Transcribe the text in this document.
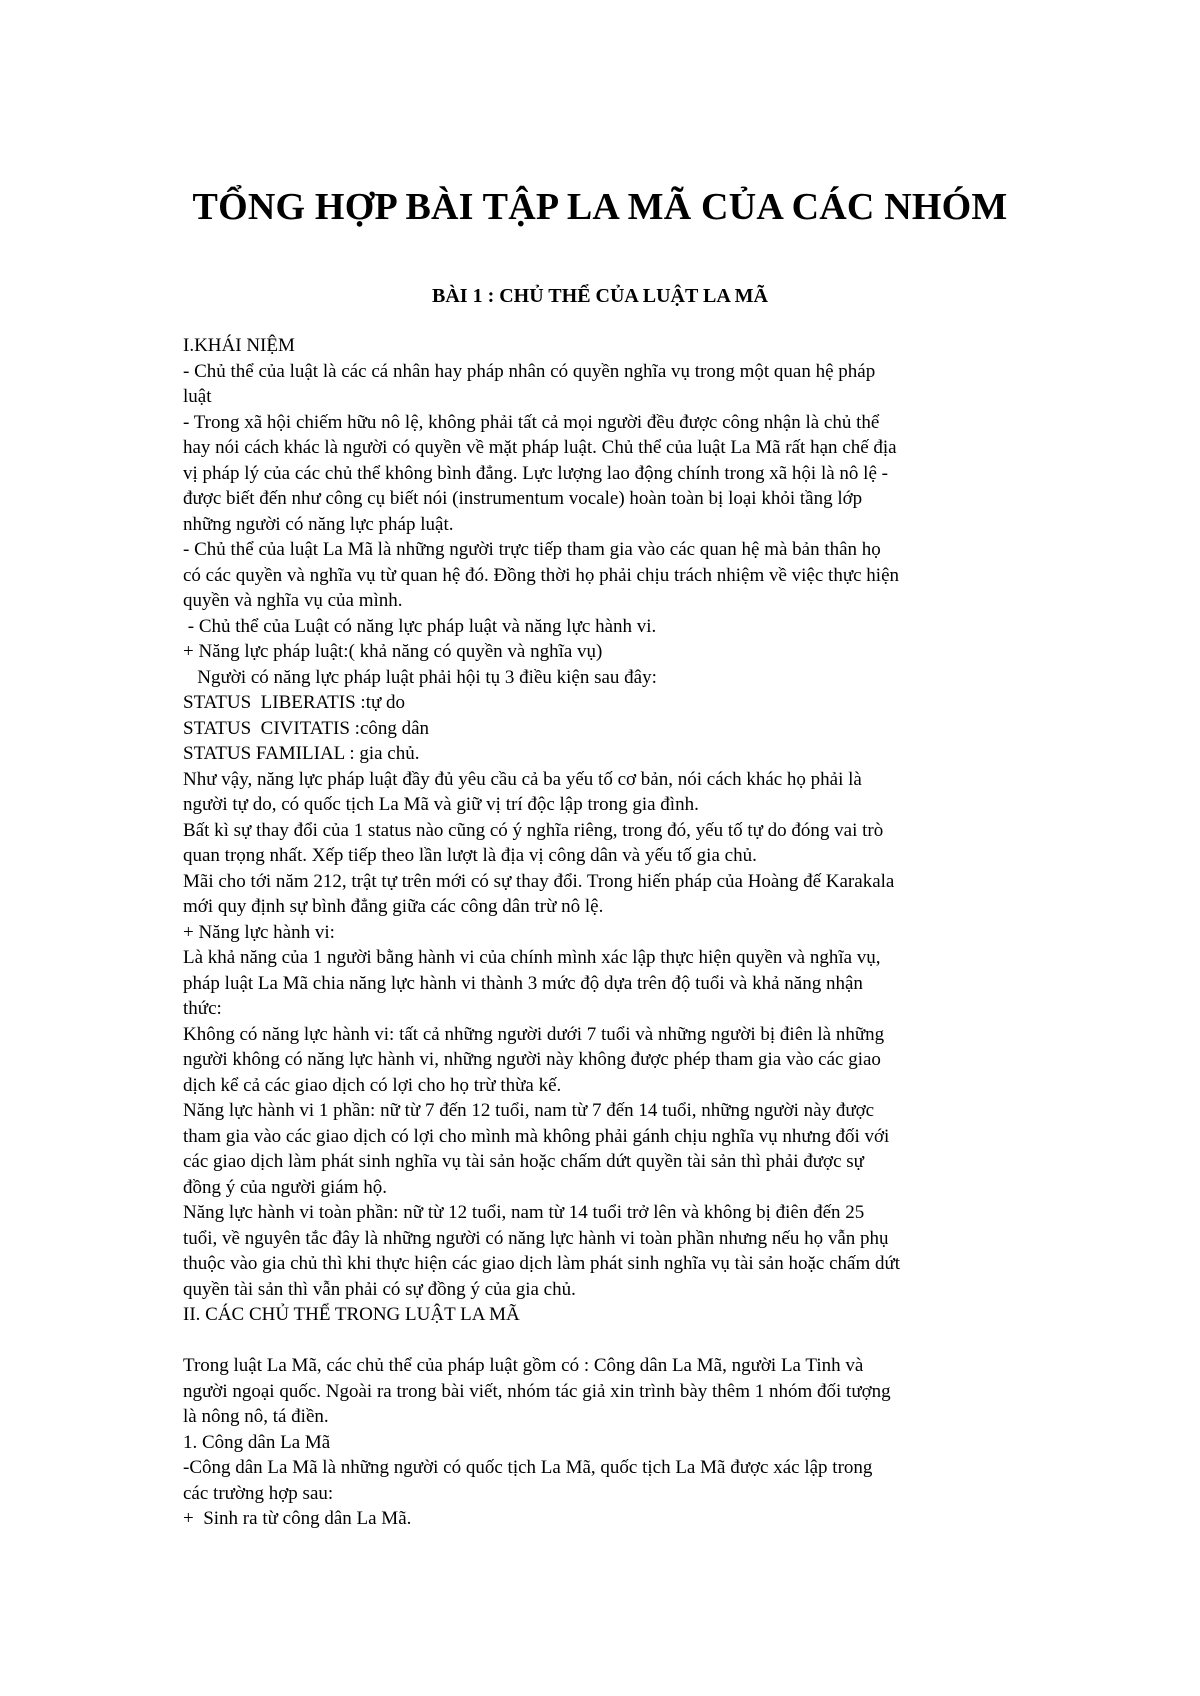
TỔNG HỢP BÀI TẬP LA MÃ CỦA CÁC NHÓM
BÀI 1 : CHỦ THỂ CỦA LUẬT LA MÃ
I.KHÁI NIỆM
- Chủ thể của luật là các cá nhân hay pháp nhân có quyền nghĩa vụ trong một quan hệ pháp
luật
- Trong xã hội chiếm hữu nô lệ, không phải tất cả mọi người đều được công nhận là chủ thể
hay nói cách khác là người có quyền về mặt pháp luật. Chủ thể của luật La Mã rất hạn chế địa
vị pháp lý của các chủ thể không bình đẳng. Lực lượng lao động chính trong xã hội là nô lệ -
được biết đến như công cụ biết nói (instrumentum vocale) hoàn toàn bị loại khỏi tầng lớp
những người có năng lực pháp luật.
- Chủ thể của luật La Mã là những người trực tiếp tham gia vào các quan hệ mà bản thân họ
có các quyền và nghĩa vụ từ quan hệ đó. Đồng thời họ phải chịu trách nhiệm về việc thực hiện
quyền và nghĩa vụ của mình.
- Chủ thể của Luật có năng lực pháp luật và năng lực hành vi.
+ Năng lực pháp luật:( khả năng có quyền và nghĩa vụ)
Người có năng lực pháp luật phải hội tụ 3 điều kiện sau đây:
STATUS  LIBERATIS :tự do
STATUS  CIVITATIS :công dân
STATUS FAMILIAL : gia chủ.
Như vậy, năng lực pháp luật đầy đủ yêu cầu cả ba yếu tố cơ bản, nói cách khác họ phải là
người tự do, có quốc tịch La Mã và giữ vị trí độc lập trong gia đình.
Bất kì sự thay đổi của 1 status nào cũng có ý nghĩa riêng, trong đó, yếu tố tự do đóng vai trò
quan trọng nhất. Xếp tiếp theo lần lượt là địa vị công dân và yếu tố gia chủ.
Mãi cho tới năm 212, trật tự trên mới có sự thay đổi. Trong hiến pháp của Hoàng đế Karakala
mới quy định sự bình đẳng giữa các công dân trừ nô lệ.
+ Năng lực hành vi:
Là khả năng của 1 người bằng hành vi của chính mình xác lập thực hiện quyền và nghĩa vụ,
pháp luật La Mã chia năng lực hành vi thành 3 mức độ dựa trên độ tuổi và khả năng nhận
thức:
Không có năng lực hành vi: tất cả những người dưới 7 tuổi và những người bị điên là những
người không có năng lực hành vi, những người này không được phép tham gia vào các giao
dịch kể cả các giao dịch có lợi cho họ trừ thừa kế.
Năng lực hành vi 1 phần: nữ từ 7 đến 12 tuổi, nam từ 7 đến 14 tuổi, những người này được
tham gia vào các giao dịch có lợi cho mình mà không phải gánh chịu nghĩa vụ nhưng đối với
các giao dịch làm phát sinh nghĩa vụ tài sản hoặc chấm dứt quyền tài sản thì phải được sự
đồng ý của người giám hộ.
Năng lực hành vi toàn phần: nữ từ 12 tuổi, nam từ 14 tuổi trở lên và không bị điên đến 25
tuổi, về nguyên tắc đây là những người có năng lực hành vi toàn phần nhưng nếu họ vẫn phụ
thuộc vào gia chủ thì khi thực hiện các giao dịch làm phát sinh nghĩa vụ tài sản hoặc chấm dứt
quyền tài sản thì vẫn phải có sự đồng ý của gia chủ.
II. CÁC CHỦ THỂ TRONG LUẬT LA MÃ
Trong luật La Mã, các chủ thể của pháp luật gồm có : Công dân La Mã, người La Tinh và
người ngoại quốc. Ngoài ra trong bài viết, nhóm tác giả xin trình bày thêm 1 nhóm đối tượng
là nông nô, tá điền.
1. Công dân La Mã
-Công dân La Mã là những người có quốc tịch La Mã, quốc tịch La Mã được xác lập trong
các trường hợp sau:
+  Sinh ra từ công dân La Mã.
